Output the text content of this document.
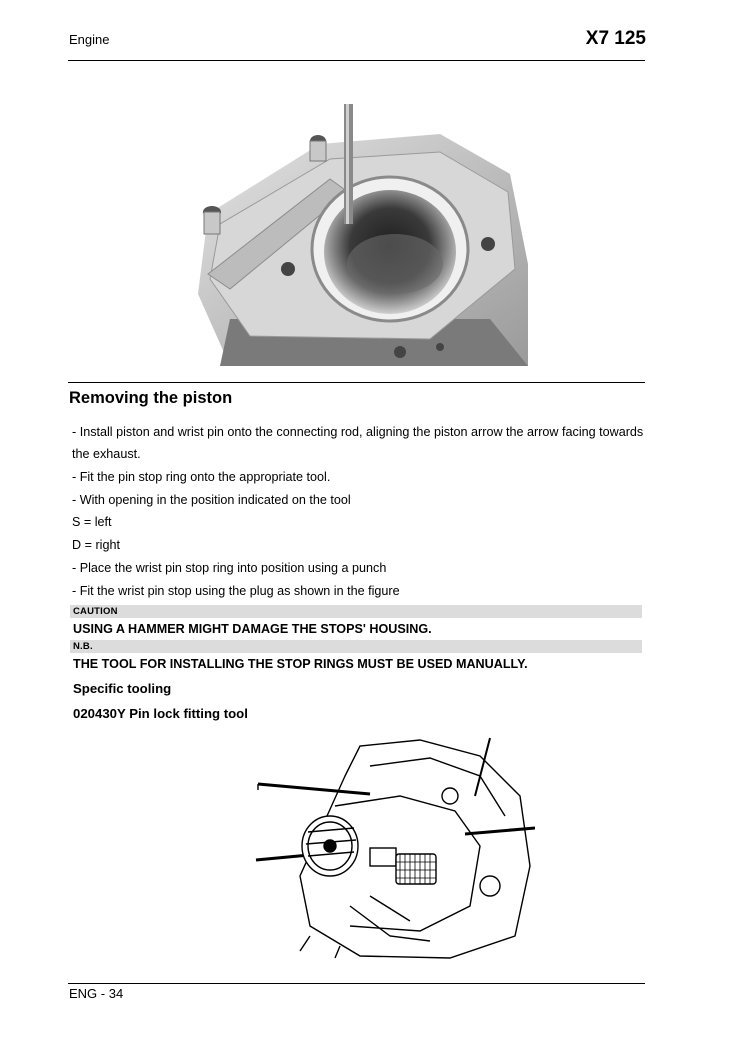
Engine	X7 125
Removing the piston
- Install piston and wrist pin onto the connecting rod, aligning the piston arrow the arrow facing towards
the exhaust.
- Fit the pin stop ring onto the appropriate tool.
- With opening in the position indicated on the tool
S = left
D = right
- Place the wrist pin stop ring into position using a punch
- Fit the wrist pin stop using the plug as shown in the figure
CAUTION
USING A HAMMER MIGHT DAMAGE THE STOPS' HOUSING.
N.B.
THE TOOL FOR INSTALLING THE STOP RINGS MUST BE USED MANUALLY.
Specific tooling
020430Y Pin lock fitting tool
ENG - 34
